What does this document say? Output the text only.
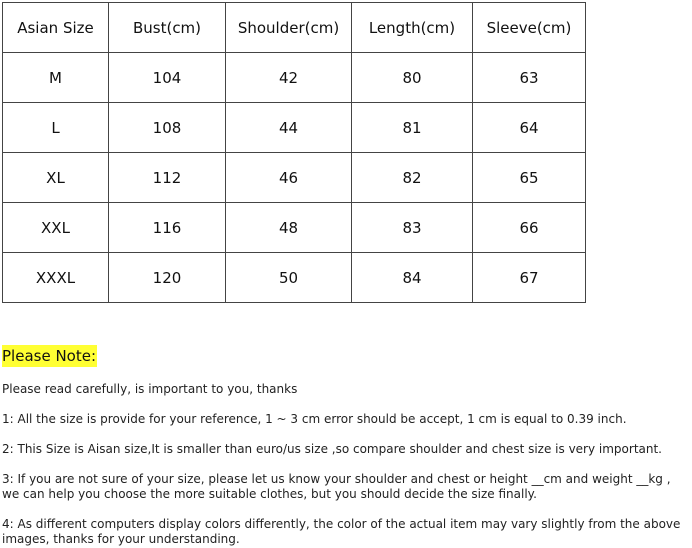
Asian Size	Bust(cm)	Shoulder(cm)	Length(cm)	Sleeve(cm)
M	104	42	80	63
L	108	44	81	64
XL	112	46	82	65
XXL	116	48	83	66
XXXL	120	50	84	67
Please Note:

Please read carefully, is important to you, thanks

1: All the size is provide for your reference, 1 ~ 3 cm error should be accept, 1 cm is equal to 0.39 inch.

2: This Size is Aisan size,It is smaller than euro/us size ,so compare shoulder and chest size is very important.

3: If you are not sure of your size, please let us know your shoulder and chest or height __cm and weight __kg , we can help you choose the more suitable clothes, but you should decide the size finally.

4: As different computers display colors differently, the color of the actual item may vary slightly from the above images, thanks for your understanding.
